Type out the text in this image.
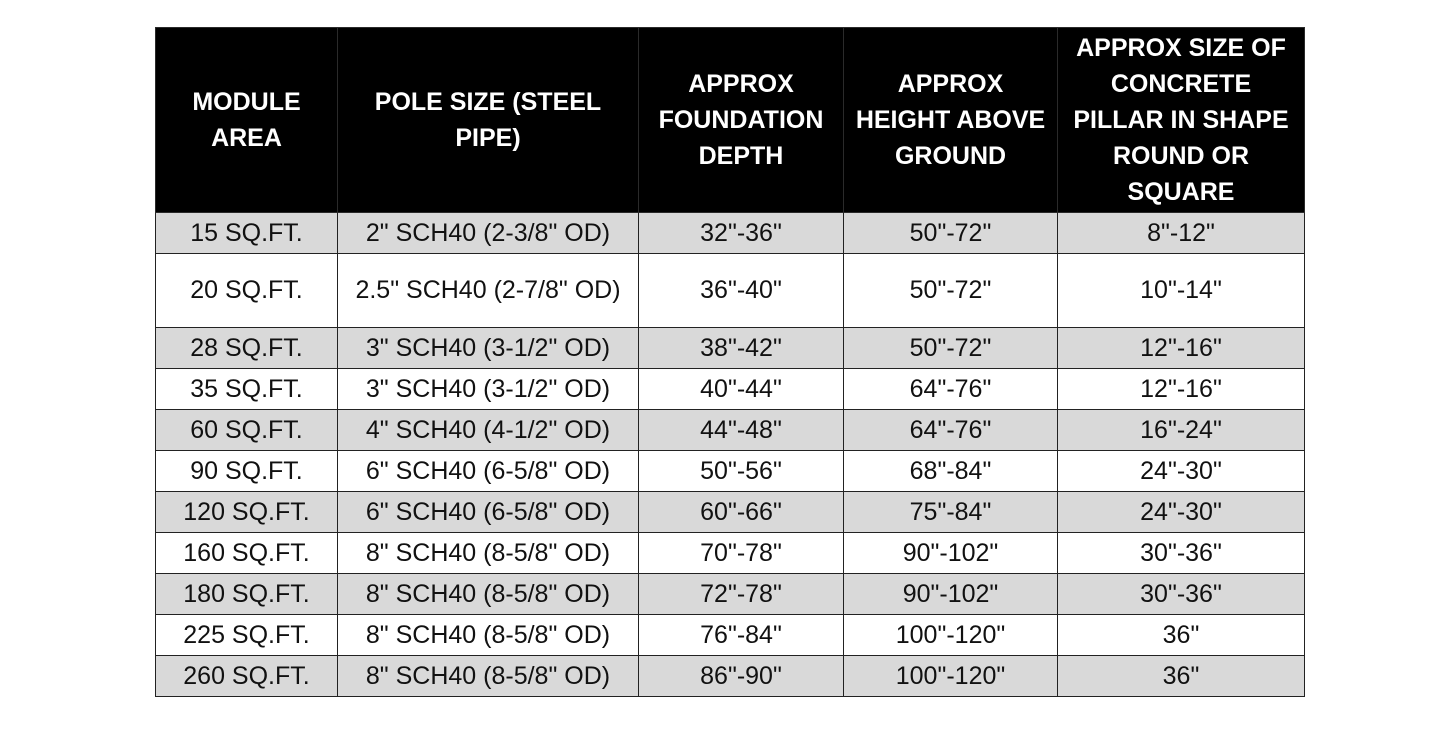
MODULE AREA	POLE SIZE (STEEL PIPE)	APPROX FOUNDATION DEPTH	APPROX HEIGHT ABOVE GROUND	APPROX SIZE OF CONCRETE PILLAR IN SHAPE ROUND OR SQUARE
15 SQ.FT.	2" SCH40 (2-3/8" OD)	32"-36"	50"-72"	8"-12"
20 SQ.FT.	2.5" SCH40 (2-7/8" OD)	36"-40"	50"-72"	10"-14"
28 SQ.FT.	3" SCH40 (3-1/2" OD)	38"-42"	50"-72"	12"-16"
35 SQ.FT.	3" SCH40 (3-1/2" OD)	40"-44"	64"-76"	12"-16"
60 SQ.FT.	4" SCH40 (4-1/2" OD)	44"-48"	64"-76"	16"-24"
90 SQ.FT.	6" SCH40 (6-5/8" OD)	50"-56"	68"-84"	24"-30"
120 SQ.FT.	6" SCH40 (6-5/8" OD)	60"-66"	75"-84"	24"-30"
160 SQ.FT.	8" SCH40 (8-5/8" OD)	70"-78"	90"-102"	30"-36"
180 SQ.FT.	8" SCH40 (8-5/8" OD)	72"-78"	90"-102"	30"-36"
225 SQ.FT.	8" SCH40 (8-5/8" OD)	76"-84"	100"-120"	36"
260 SQ.FT.	8" SCH40 (8-5/8" OD)	86"-90"	100"-120"	36"
